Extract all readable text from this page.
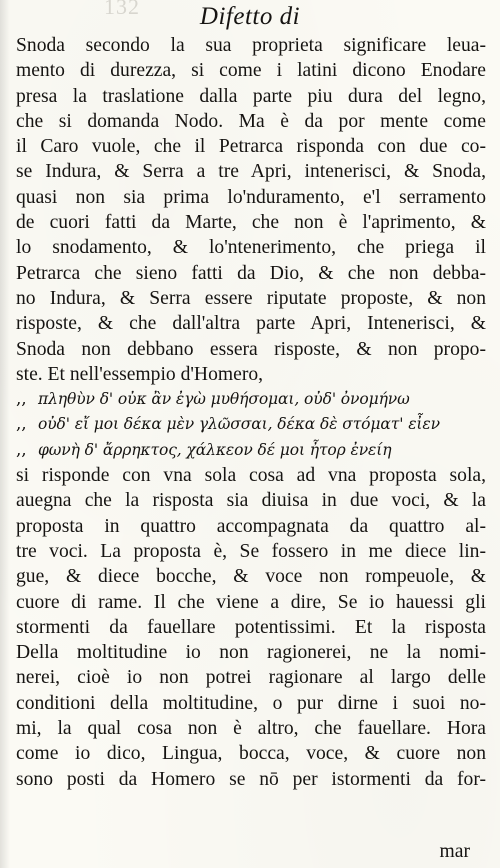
132	Difetto di
Snoda secondo la sua proprieta significare leua-
mento di durezza, si come i latini dicono Enodare
presa la traslatione dalla parte piu dura del legno,
che si domanda Nodo. Ma è da por mente come
il Caro vuole, che il Petrarca risponda con due co-
se Indura, & Serra a tre Apri, intenerisci, & Snoda,
quasi non sia prima lo'nduramento, e'l serramento
de cuori fatti da Marte, che non è l'aprimento, &
lo snodamento, & lo'ntenerimento, che priega il
Petrarca che sieno fatti da Dio, & che non debba-
no Indura, & Serra essere riputate proposte, & non
risposte, & che dall'altra parte Apri, Intenerisci, &
Snoda non debbano essera risposte, & non propo-
ste. Et nell'essempio d'Homero,
,, πληθὺν δ' οὐκ ἂν ἐγὼ μυθήσομαι, οὐδ' ὀνομήνω
,, οὐδ' εἴ μοι δέκα μὲν γλῶσσαι, δέκα δὲ στόματ' εἶεν
,, φωνὴ δ' ἄρρηκτος, χάλκεον δέ μοι ἦτορ ἐνείη
si risponde con vna sola cosa ad vna proposta sola,
auegna che la risposta sia diuisa in due voci, & la
proposta in quattro accompagnata da quattro al-
tre voci. La proposta è, Se fossero in me diece lin-
gue, & diece bocche, & voce non rompeuole, &
cuore di rame. Il che viene a dire, Se io hauessi gli
stormenti da fauellare potentissimi. Et la risposta
Della moltitudine io non ragionerei, ne la nomi-
nerei, cioè io non potrei ragionare al largo delle
conditioni della moltitudine, o pur dirne i suoi no-
mi, la qual cosa non è altro, che fauellare. Hora
come io dico, Lingua, bocca, voce, & cuore non
sono posti da Homero se nō per istormenti da for-
mar
